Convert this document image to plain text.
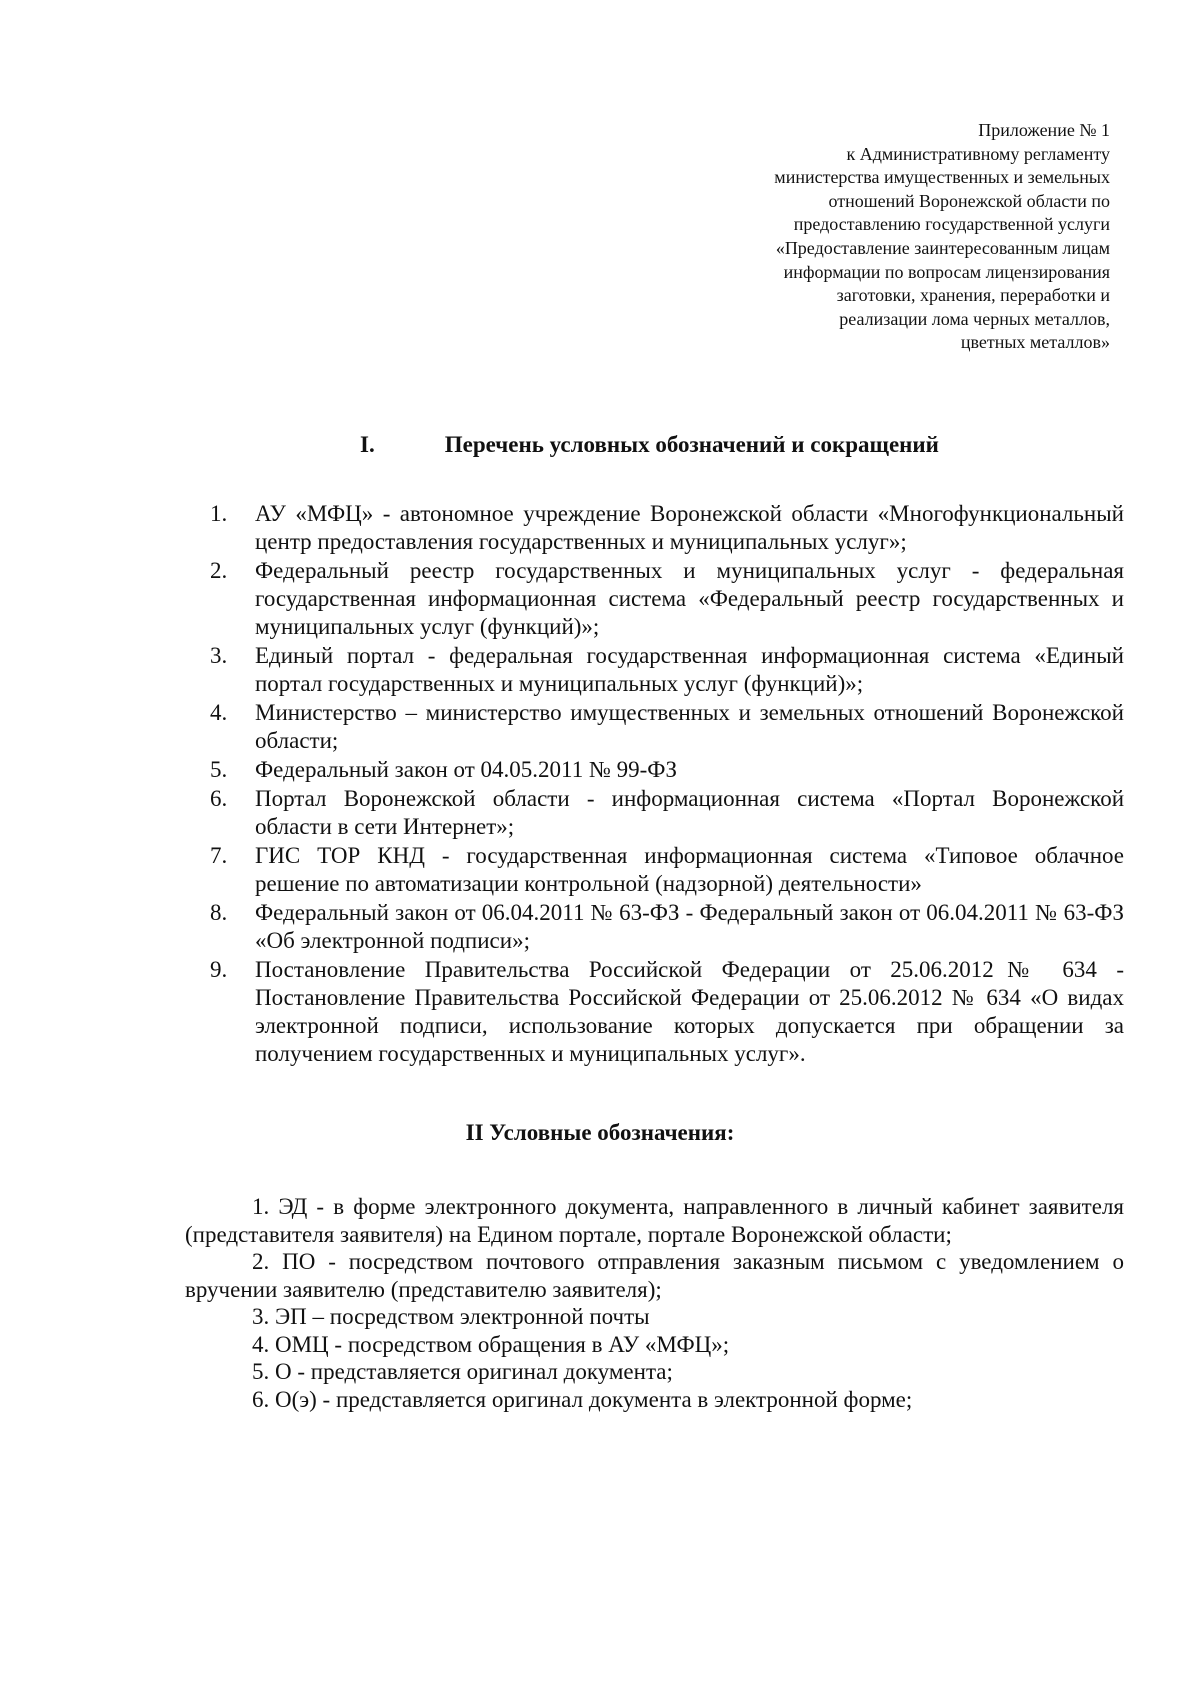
Приложение № 1
к Административному регламенту
министерства имущественных и земельных
отношений Воронежской области по
предоставлению государственной услуги
«Предоставление заинтересованным лицам
информации по вопросам лицензирования
заготовки, хранения, переработки и
реализации лома черных металлов,
цветных металлов»
I.	Перечень условных обозначений и сокращений
1. АУ «МФЦ» - автономное учреждение Воронежской области «Многофункциональный центр предоставления государственных и муниципальных услуг»;
2. Федеральный реестр государственных и муниципальных услуг - федеральная государственная информационная система «Федеральный реестр государственных и муниципальных услуг (функций)»;
3. Единый портал - федеральная государственная информационная система «Единый портал государственных и муниципальных услуг (функций)»;
4. Министерство – министерство имущественных и земельных отношений Воронежской области;
5. Федеральный закон от 04.05.2011 № 99-ФЗ
6. Портал Воронежской области - информационная система «Портал Воронежской области в сети Интернет»;
7. ГИС ТОР КНД - государственная информационная система «Типовое облачное решение по автоматизации контрольной (надзорной) деятельности»
8. Федеральный закон от 06.04.2011 № 63-ФЗ - Федеральный закон от 06.04.2011 № 63-ФЗ «Об электронной подписи»;
9. Постановление Правительства Российской Федерации от 25.06.2012№ 634 - Постановление Правительства Российской Федерации от 25.06.2012 № 634 «О видах электронной подписи, использование которых допускается при обращении за получением государственных и муниципальных услуг».
II Условные обозначения:
1. ЭД - в форме электронного документа, направленного в личный кабинет заявителя (представителя заявителя) на Едином портале, портале Воронежской области;
2. ПО - посредством почтового отправления заказным письмом с уведомлением о вручении заявителю (представителю заявителя);
3. ЭП – посредством электронной почты
4. ОМЦ - посредством обращения в АУ «МФЦ»;
5. О - представляется оригинал документа;
6. О(э) - представляется оригинал документа в электронной форме;
